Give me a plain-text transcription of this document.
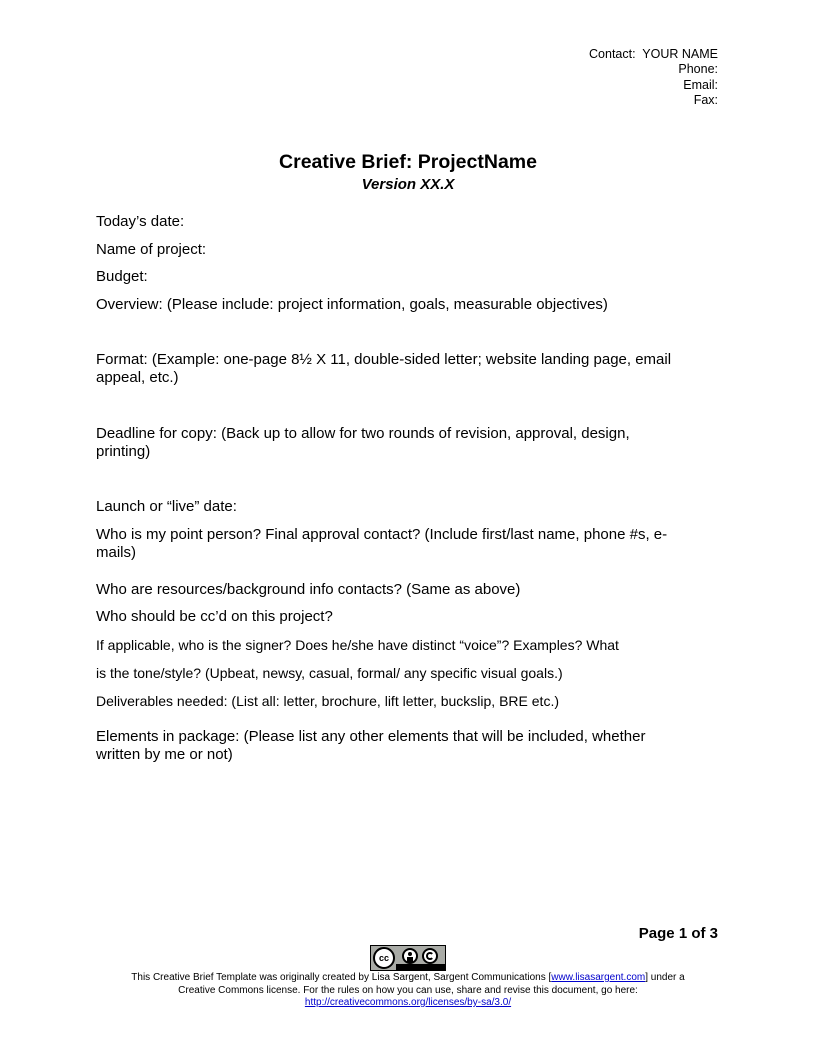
Contact:  YOUR NAME
Phone:
Email:
Fax:
Creative Brief: ProjectName
Version XX.X
Today’s date:
Name of project:
Budget:
Overview: (Please include: project information, goals, measurable objectives)
Format: (Example: one-page 8½ X 11, double-sided letter; website landing page, email appeal, etc.)
Deadline for copy: (Back up to allow for two rounds of revision, approval, design, printing)
Launch or “live” date:
Who is my point person? Final approval contact? (Include first/last name, phone #s, e-mails)
Who are resources/background info contacts? (Same as above)
Who should be cc’d on this project?
If applicable, who is the signer? Does he/she have distinct “voice”? Examples? What
is the tone/style? (Upbeat, newsy, casual, formal/ any specific visual goals.)
Deliverables needed: (List all: letter, brochure, lift letter, buckslip, BRE etc.)
Elements in package: (Please list any other elements that will be included, whether written by me or not)
Page 1 of 3
cc
This Creative Brief Template was originally created by Lisa Sargent, Sargent Communications [www.lisasargent.com] under a
Creative Commons license. For the rules on how you can use, share and revise this document, go here:
http://creativecommons.org/licenses/by-sa/3.0/
